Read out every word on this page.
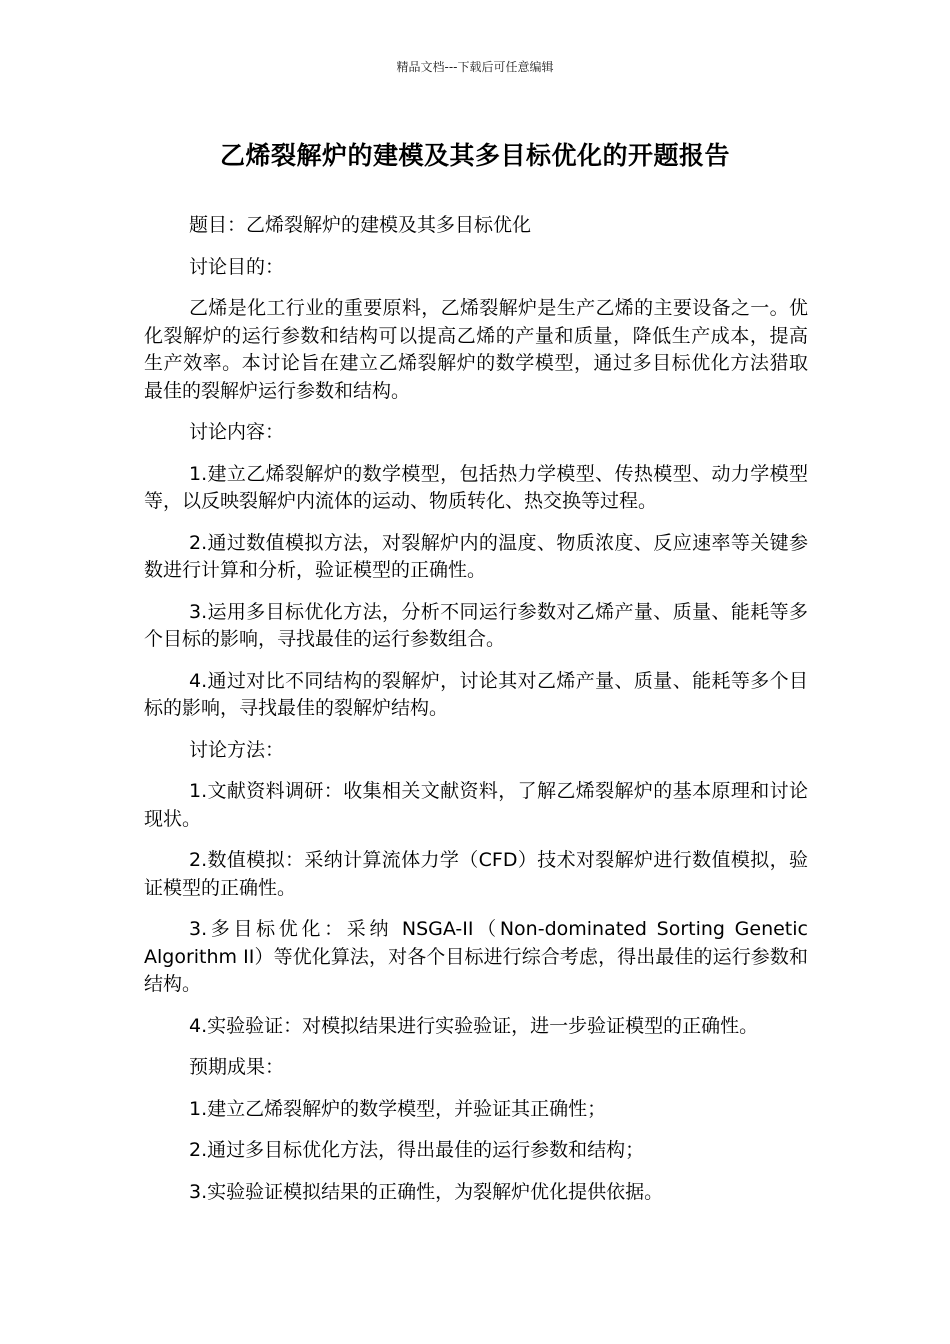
精品文档---下载后可任意编辑
乙烯裂解炉的建模及其多目标优化的开题报告

题目：乙烯裂解炉的建模及其多目标优化

讨论目的：

乙烯是化工行业的重要原料，乙烯裂解炉是生产乙烯的主要设备之一。优化裂解炉的运行参数和结构可以提高乙烯的产量和质量，降低生产成本，提高生产效率。本讨论旨在建立乙烯裂解炉的数学模型，通过多目标优化方法猎取最佳的裂解炉运行参数和结构。

讨论内容：

1.建立乙烯裂解炉的数学模型，包括热力学模型、传热模型、动力学模型等，以反映裂解炉内流体的运动、物质转化、热交换等过程。

2.通过数值模拟方法，对裂解炉内的温度、物质浓度、反应速率等关键参数进行计算和分析，验证模型的正确性。

3.运用多目标优化方法，分析不同运行参数对乙烯产量、质量、能耗等多个目标的影响，寻找最佳的运行参数组合。

4.通过对比不同结构的裂解炉，讨论其对乙烯产量、质量、能耗等多个目标的影响，寻找最佳的裂解炉结构。

讨论方法：

1.文献资料调研：收集相关文献资料，了解乙烯裂解炉的基本原理和讨论现状。

2.数值模拟：采纳计算流体力学（CFD）技术对裂解炉进行数值模拟，验证模型的正确性。

3.多目标优化：采纳 NSGA-II（Non-dominated Sorting Genetic Algorithm II）等优化算法，对各个目标进行综合考虑，得出最佳的运行参数和结构。

4.实验验证：对模拟结果进行实验验证，进一步验证模型的正确性。

预期成果：

1.建立乙烯裂解炉的数学模型，并验证其正确性；

2.通过多目标优化方法，得出最佳的运行参数和结构；

3.实验验证模拟结果的正确性，为裂解炉优化提供依据。
